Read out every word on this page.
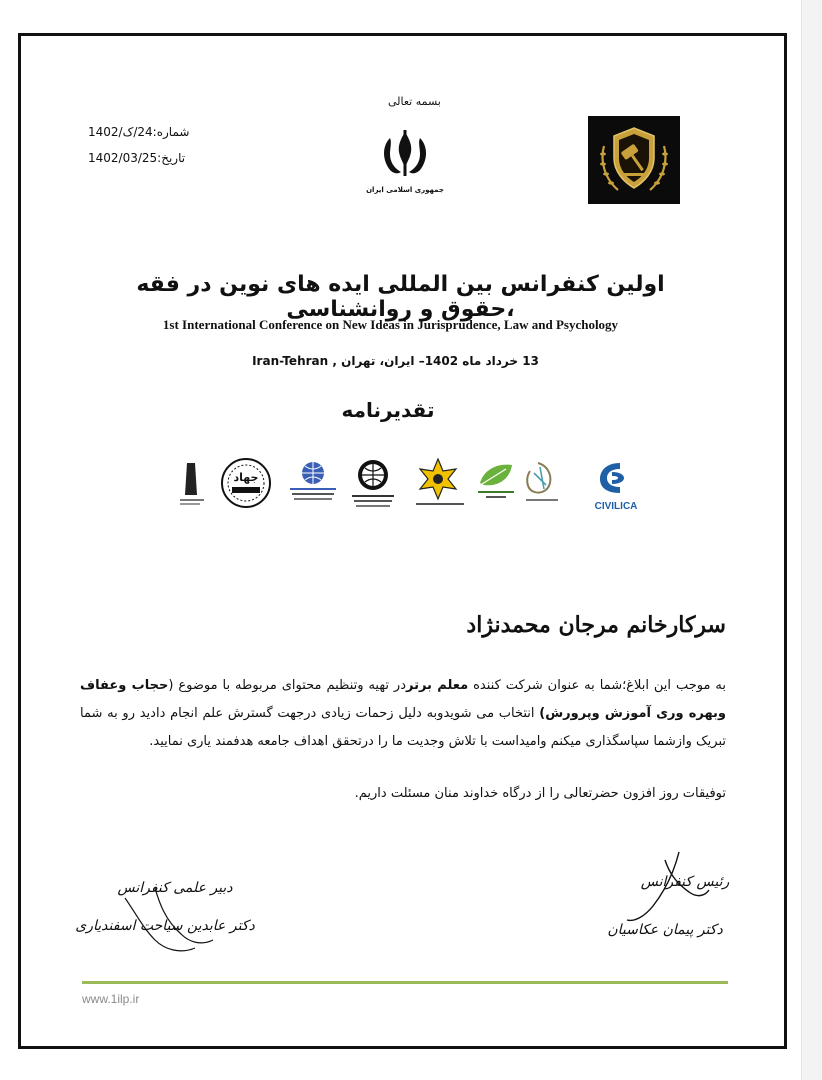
بسمه تعالی
شماره:24/ک/1402
تاریخ:1402/03/25
جمهوری اسلامی ایران
اولین کنفرانس بین المللی ایده های نوین در فقه ،حقوق و روانشناسی
1st International Conference on New Ideas in Jurisprudence, Law and Psychology
13 خرداد ماه 1402– ایران، تهران , Iran-Tehran
تقدیرنامه
جهاد
CIVILICA
سرکارخانم مرجان محمدنژاد
به موجب این ابلاغ؛شما به عنوان شرکت کننده معلم برتردر تهیه وتنظیم محتوای مربوطه با موضوع (حجاب وعفاف وبهره وری آموزش وپرورش) انتخاب می شویدوبه دلیل زحمات زیادی درجهت گسترش علم انجام دادید رو به شما تبریک وازشما سپاسگذاری میکنم وامیداست با تلاش وجدیت ما را درتحقق اهداف جامعه هدفمند یاری نمایید.
توفیقات روز افزون حضرتعالی را از درگاه خداوند منان مسئلت داریم.
رئیس کنفرانس
دکتر پیمان عکاسیان
دبیر علمی کنفرانس
دکتر عابدین سیاحت اسفندیاری
www.1ilp.ir
